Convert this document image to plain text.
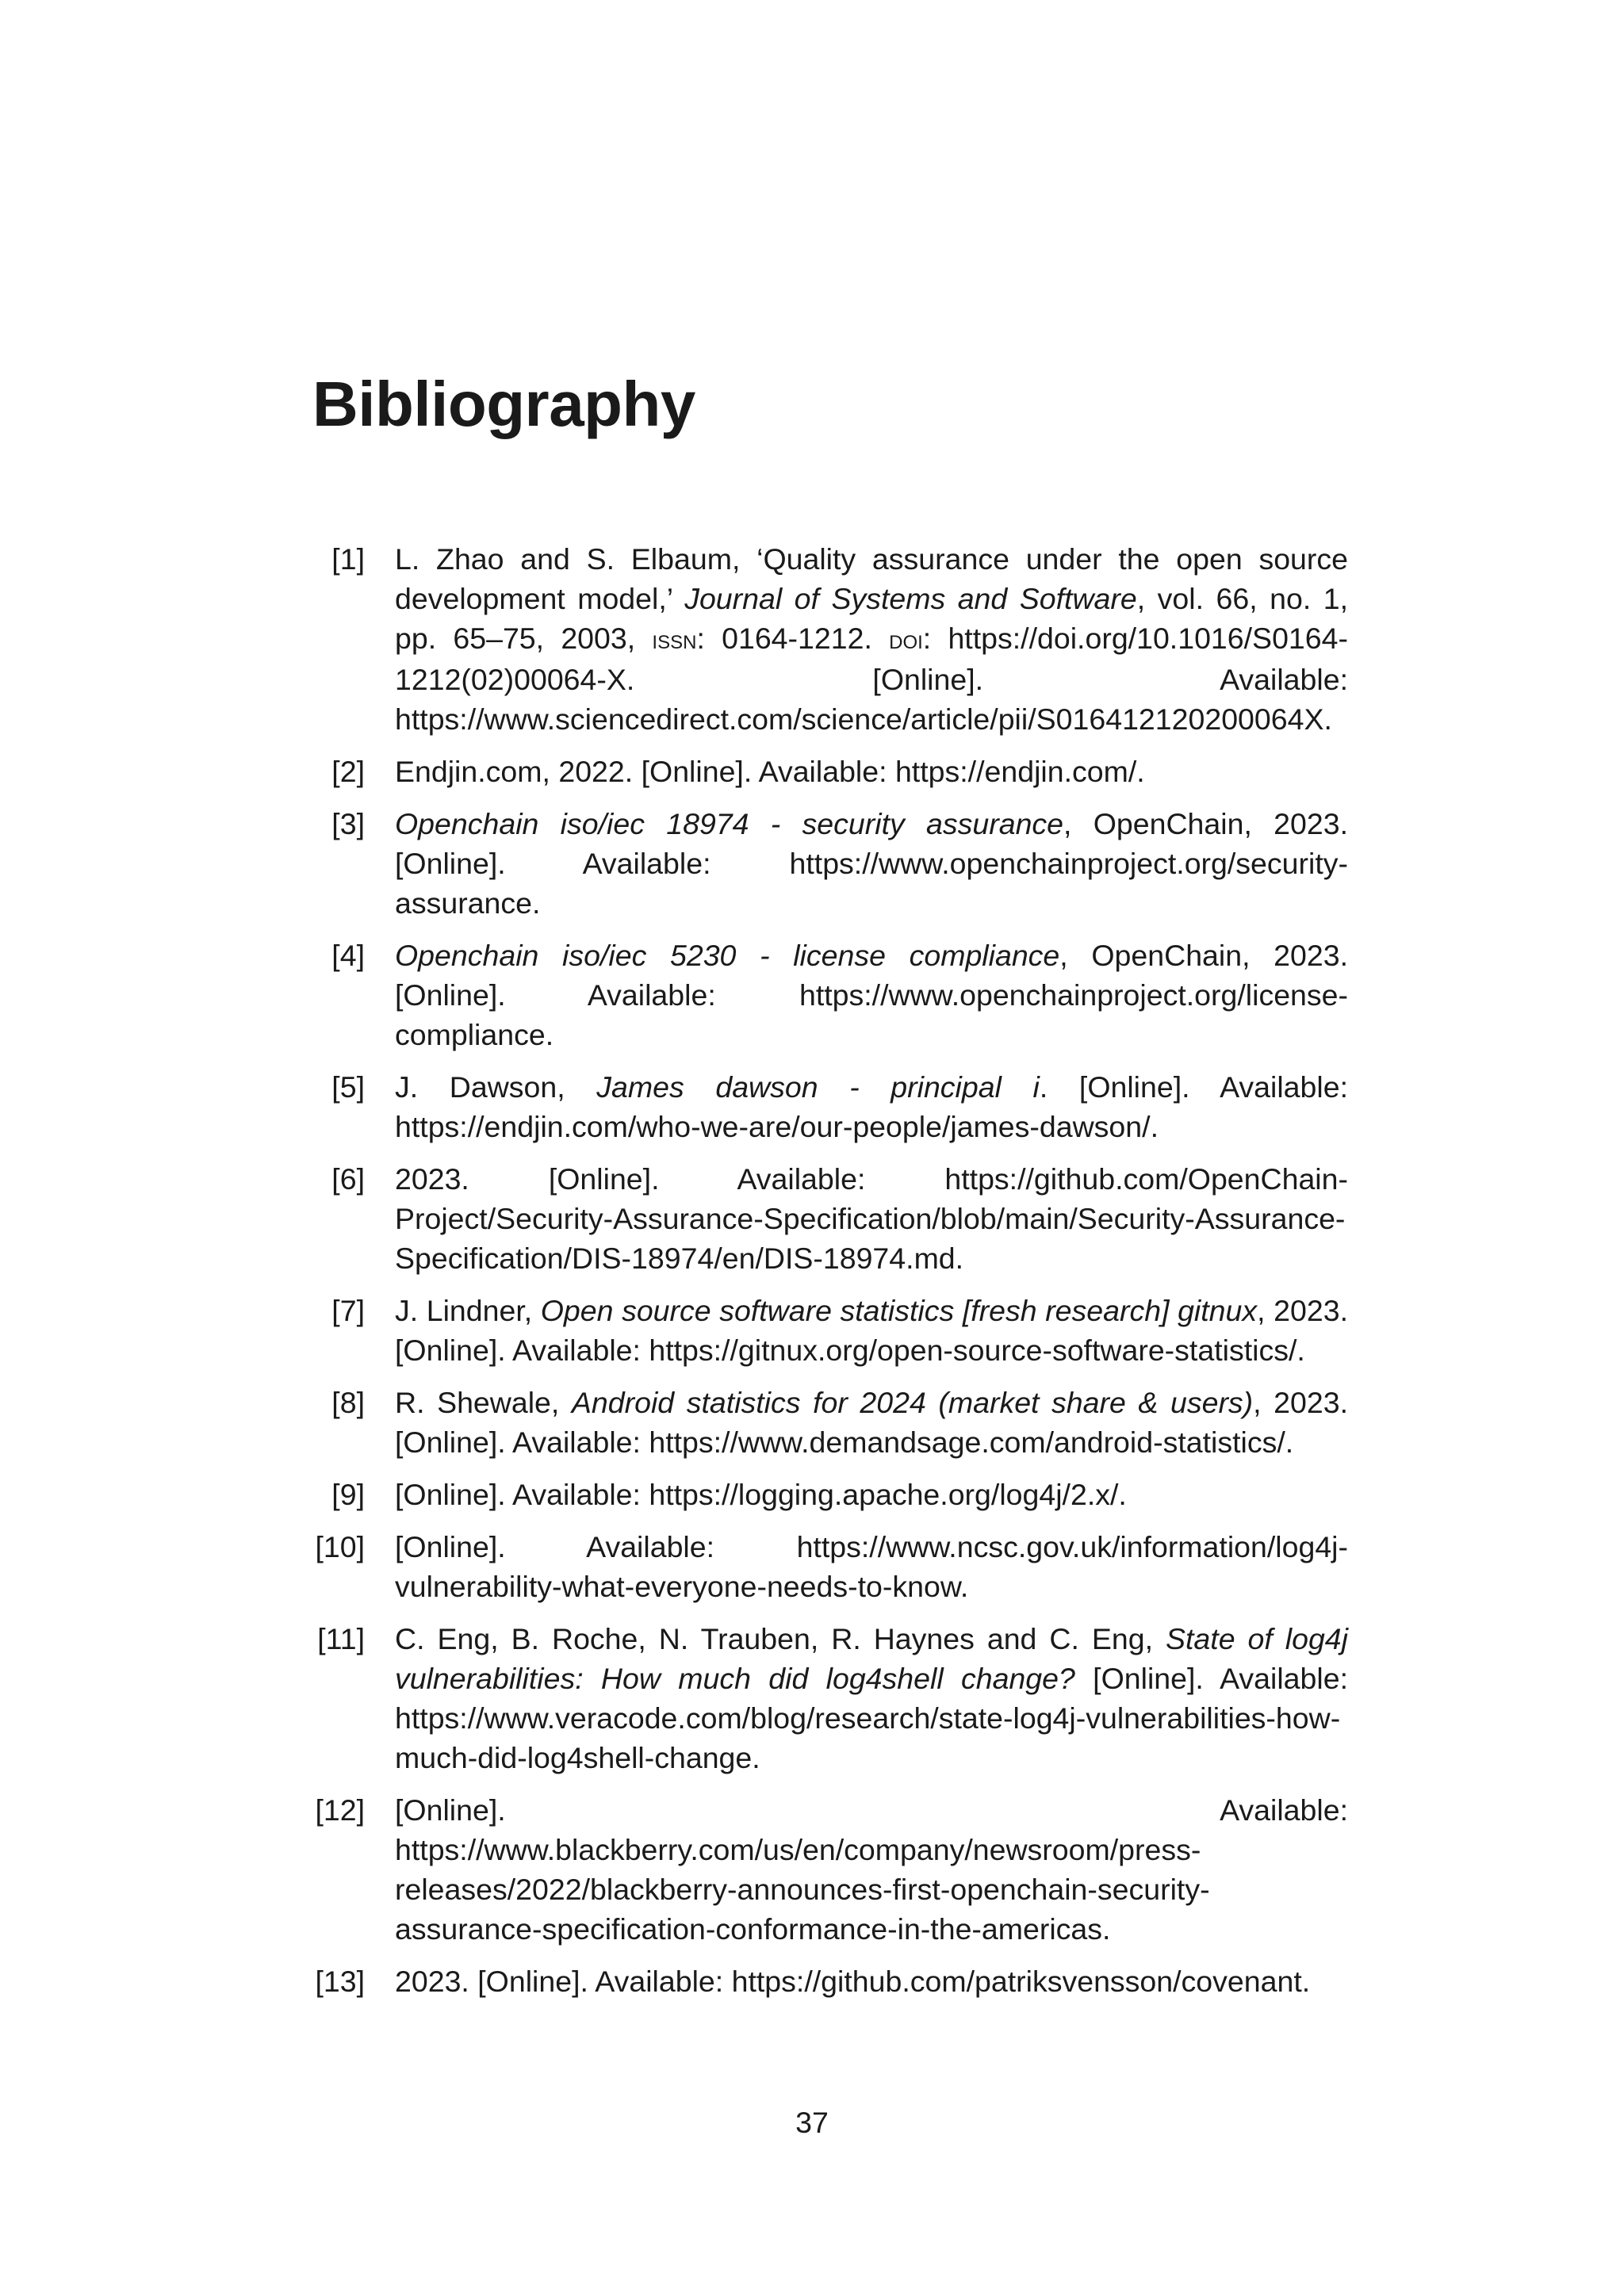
Bibliography
[1] L. Zhao and S. Elbaum, ‘Quality assurance under the open source development model,’ Journal of Systems and Software, vol. 66, no. 1, pp. 65–75, 2003, issn: 0164-1212. doi: https://doi.org/10.1016/S0164-1212(02)00064-X. [Online]. Available: https://www.sciencedirect.com/science/article/pii/S016412120200064X.
[2] Endjin.com, 2022. [Online]. Available: https://endjin.com/.
[3] Openchain iso/iec 18974 - security assurance, OpenChain, 2023. [Online]. Available: https://www.openchainproject.org/security-assurance.
[4] Openchain iso/iec 5230 - license compliance, OpenChain, 2023. [Online]. Available: https://www.openchainproject.org/license-compliance.
[5] J. Dawson, James dawson - principal i. [Online]. Available: https://endjin.com/who-we-are/our-people/james-dawson/.
[6] 2023. [Online]. Available: https://github.com/OpenChain-Project/Security-Assurance-Specification/blob/main/Security-Assurance-Specification/DIS-18974/en/DIS-18974.md.
[7] J. Lindner, Open source software statistics [fresh research] gitnux, 2023. [Online]. Available: https://gitnux.org/open-source-software-statistics/.
[8] R. Shewale, Android statistics for 2024 (market share & users), 2023. [Online]. Available: https://www.demandsage.com/android-statistics/.
[9] [Online]. Available: https://logging.apache.org/log4j/2.x/.
[10] [Online]. Available: https://www.ncsc.gov.uk/information/log4j-vulnerability-what-everyone-needs-to-know.
[11] C. Eng, B. Roche, N. Trauben, R. Haynes and C. Eng, State of log4j vulnerabilities: How much did log4shell change? [Online]. Available: https://www.veracode.com/blog/research/state-log4j-vulnerabilities-how-much-did-log4shell-change.
[12] [Online]. Available: https://www.blackberry.com/us/en/company/newsroom/press-releases/2022/blackberry-announces-first-openchain-security-assurance-specification-conformance-in-the-americas.
[13] 2023. [Online]. Available: https://github.com/patriksvensson/covenant.
37
